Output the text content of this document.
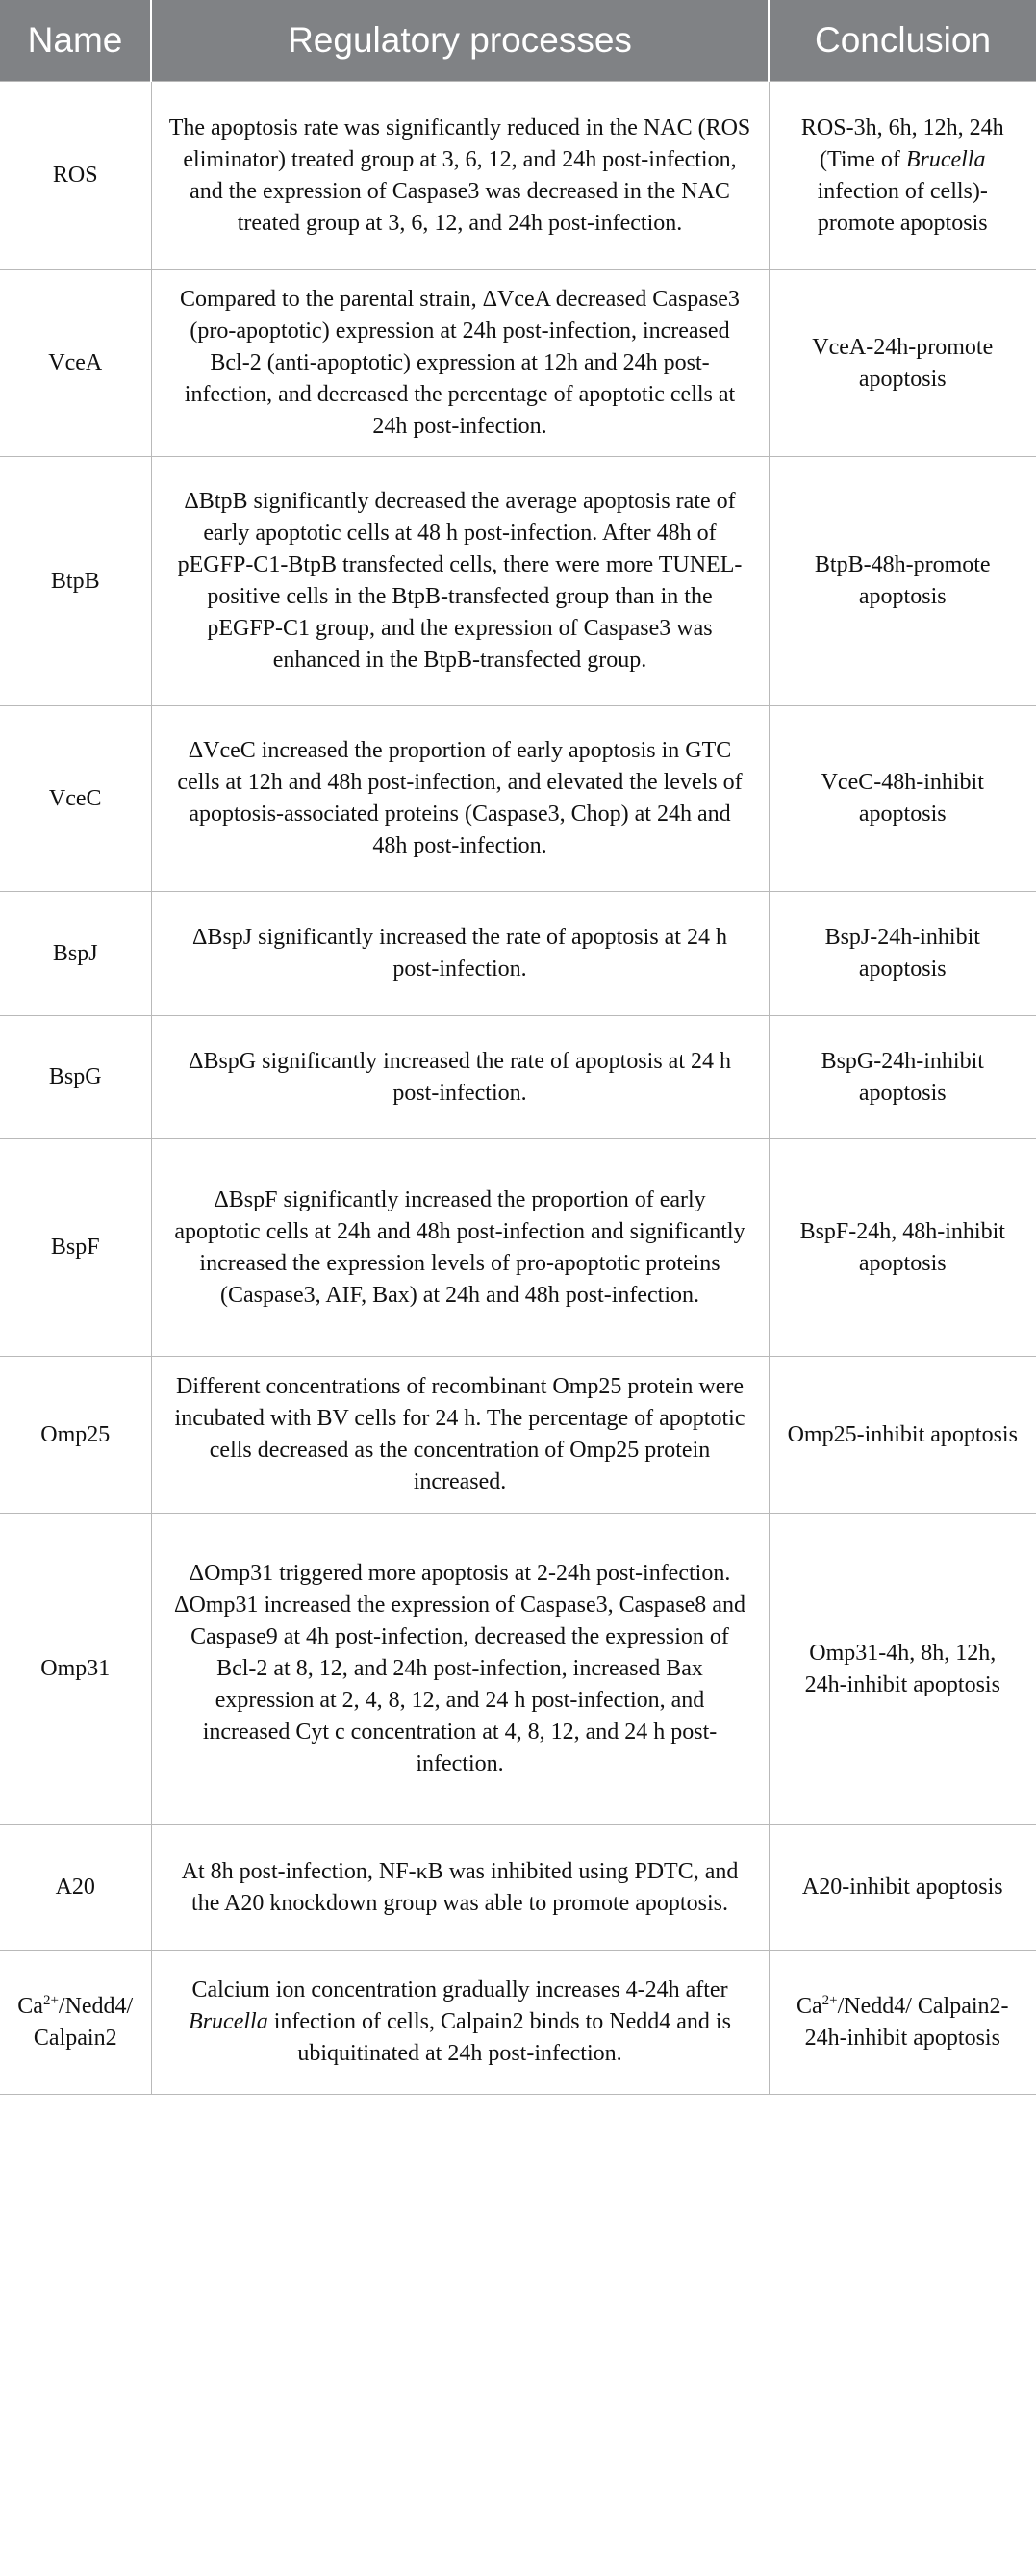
Name	Regulatory processes	Conclusion
ROS	The apoptosis rate was significantly reduced in the NAC (ROS eliminator) treated group at 3, 6, 12, and 24h post-infection, and the expression of Caspase3 was decreased in the NAC treated group at 3, 6, 12, and 24h post-infection.	ROS-3h, 6h, 12h, 24h (Time of Brucella infection of cells)-promote apoptosis
VceA	Compared to the parental strain, ΔVceA decreased Caspase3 (pro-apoptotic) expression at 24h post-infection, increased Bcl-2 (anti-apoptotic) expression at 12h and 24h post-infection, and decreased the percentage of apoptotic cells at 24h post-infection.	VceA-24h-promote apoptosis
BtpB	ΔBtpB significantly decreased the average apoptosis rate of early apoptotic cells at 48 h post-infection. After 48h of pEGFP-C1-BtpB transfected cells, there were more TUNEL-positive cells in the BtpB-transfected group than in the pEGFP-C1 group, and the expression of Caspase3 was enhanced in the BtpB-transfected group.	BtpB-48h-promote apoptosis
VceC	ΔVceC increased the proportion of early apoptosis in GTC cells at 12h and 48h post-infection, and elevated the levels of apoptosis-associated proteins (Caspase3, Chop) at 24h and 48h post-infection.	VceC-48h-inhibit apoptosis
BspJ	ΔBspJ significantly increased the rate of apoptosis at 24 h post-infection.	BspJ-24h-inhibit apoptosis
BspG	ΔBspG significantly increased the rate of apoptosis at 24 h post-infection.	BspG-24h-inhibit apoptosis
BspF	ΔBspF significantly increased the proportion of early apoptotic cells at 24h and 48h post-infection and significantly increased the expression levels of pro-apoptotic proteins (Caspase3, AIF, Bax) at 24h and 48h post-infection.	BspF-24h, 48h-inhibit apoptosis
Omp25	Different concentrations of recombinant Omp25 protein were incubated with BV cells for 24 h. The percentage of apoptotic cells decreased as the concentration of Omp25 protein increased.	Omp25-inhibit apoptosis
Omp31	ΔOmp31 triggered more apoptosis at 2-24h post-infection. ΔOmp31 increased the expression of Caspase3, Caspase8 and Caspase9 at 4h post-infection, decreased the expression of Bcl-2 at 8, 12, and 24h post-infection, increased Bax expression at 2, 4, 8, 12, and 24 h post-infection, and increased Cyt c concentration at 4, 8, 12, and 24 h post-infection.	Omp31-4h, 8h, 12h, 24h-inhibit apoptosis
A20	At 8h post-infection, NF-κB was inhibited using PDTC, and the A20 knockdown group was able to promote apoptosis.	A20-inhibit apoptosis
$Ca^{2+}/Nedd4/$ Calpain2	Calcium ion concentration gradually increases 4-24h after Brucella infection of cells, Calpain2 binds to Nedd4 and is ubiquitinated at 24h post-infection.	$Ca^{2+}/Nedd4/$ Calpain2-24h-inhibit apoptosis
